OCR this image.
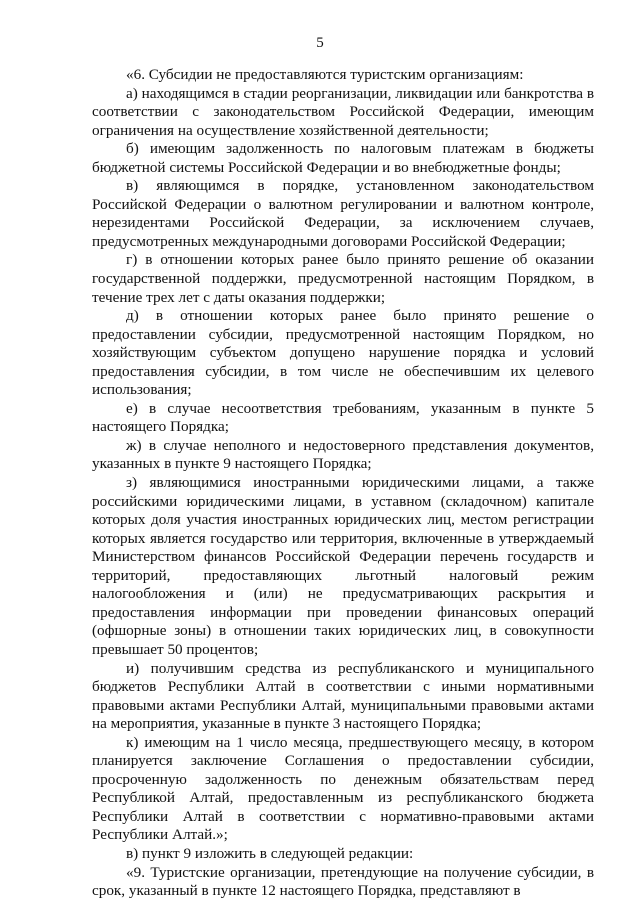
5

«6. Субсидии не предоставляются туристским организациям:

а) находящимся в стадии реорганизации, ликвидации или банкротства в соответствии с законодательством Российской Федерации, имеющим ограничения на осуществление хозяйственной деятельности;

б) имеющим задолженность по налоговым платежам в бюджеты бюджетной системы Российской Федерации и во внебюджетные фонды;

в) являющимся в порядке, установленном законодательством Российской Федерации о валютном регулировании и валютном контроле, нерезидентами Российской Федерации, за исключением случаев, предусмотренных международными договорами Российской Федерации;

г) в отношении которых ранее было принято решение об оказании государственной поддержки, предусмотренной настоящим Порядком, в течение трех лет с даты оказания поддержки;

д) в отношении которых ранее было принято решение о предоставлении субсидии, предусмотренной настоящим Порядком, но хозяйствующим субъектом допущено нарушение порядка и условий предоставления субсидии, в том числе не обеспечившим их целевого использования;

е) в случае несоответствия требованиям, указанным в пункте 5 настоящего Порядка;

ж) в случае неполного и недостоверного представления документов, указанных в пункте 9 настоящего Порядка;

з) являющимися иностранными юридическими лицами, а также российскими юридическими лицами, в уставном (складочном) капитале которых доля участия иностранных юридических лиц, местом регистрации которых является государство или территория, включенные в утверждаемый Министерством финансов Российской Федерации перечень государств и территорий, предоставляющих льготный налоговый режим налогообложения и (или) не предусматривающих раскрытия и предоставления информации при проведении финансовых операций (офшорные зоны) в отношении таких юридических лиц, в совокупности превышает 50 процентов;

и) получившим средства из республиканского и муниципального бюджетов Республики Алтай в соответствии с иными нормативными правовыми актами Республики Алтай, муниципальными правовыми актами на мероприятия, указанные в пункте 3 настоящего Порядка;

к) имеющим на 1 число месяца, предшествующего месяцу, в котором планируется заключение Соглашения о предоставлении субсидии, просроченную задолженность по денежным обязательствам перед Республикой Алтай, предоставленным из республиканского бюджета Республики Алтай в соответствии с нормативно-правовыми актами Республики Алтай.»;

в) пункт 9 изложить в следующей редакции:

«9. Туристские организации, претендующие на получение субсидии, в срок, указанный в пункте 12 настоящего Порядка, представляют в
